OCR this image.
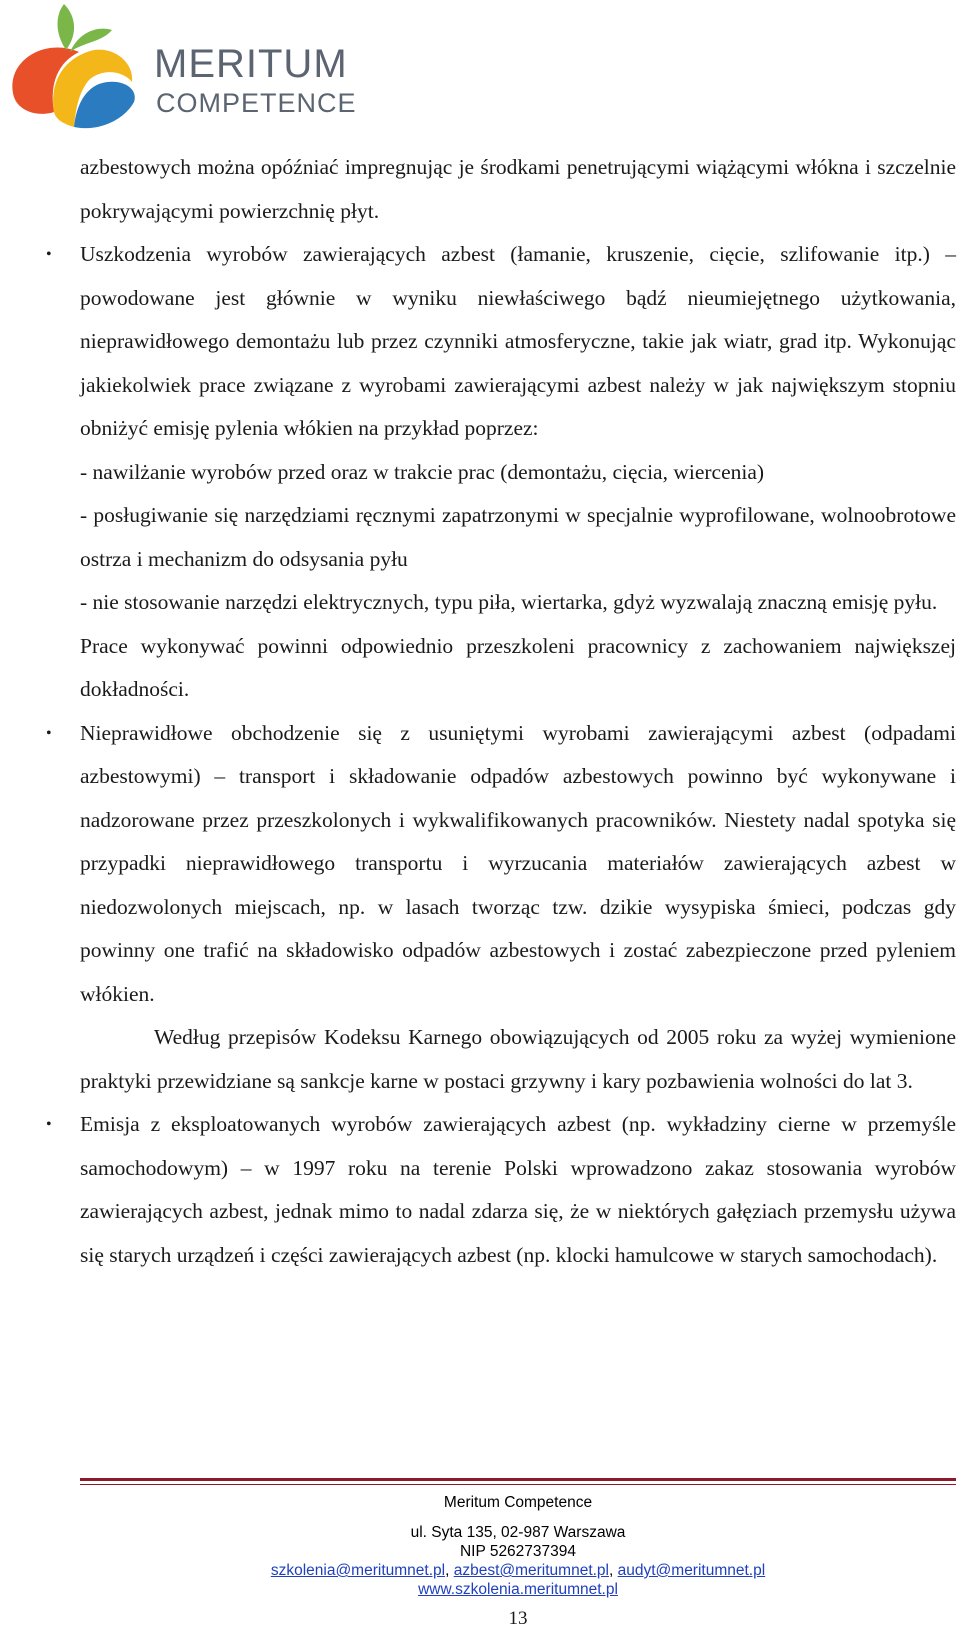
MERITUM
COMPETENCE

azbestowych można opóźniać impregnując je środkami penetrującymi wiążącymi włókna i szczelnie pokrywającymi powierzchnię płyt.

• Uszkodzenia wyrobów zawierających azbest (łamanie, kruszenie, cięcie, szlifowanie itp.) – powodowane jest głównie w wyniku niewłaściwego bądź nieumiejętnego użytkowania, nieprawidłowego demontażu lub przez czynniki atmosferyczne, takie jak wiatr, grad itp. Wykonując jakiekolwiek prace związane z wyrobami zawierającymi azbest należy w jak największym stopniu obniżyć emisję pylenia włókien na przykład poprzez:

- nawilżanie wyrobów przed oraz w trakcie prac (demontażu, cięcia, wiercenia)

- posługiwanie się narzędziami ręcznymi zapatrzonymi w specjalnie wyprofilowane, wolnoobrotowe ostrza i mechanizm do odsysania pyłu

- nie stosowanie narzędzi elektrycznych, typu piła, wiertarka, gdyż wyzwalają znaczną emisję pyłu.

Prace wykonywać powinni odpowiednio przeszkoleni pracownicy z zachowaniem największej dokładności.

• Nieprawidłowe obchodzenie się z usuniętymi wyrobami zawierającymi azbest (odpadami azbestowymi) – transport i składowanie odpadów azbestowych powinno być wykonywane i nadzorowane przez przeszkolonych i wykwalifikowanych pracowników. Niestety nadal spotyka się przypadki nieprawidłowego transportu i wyrzucania materiałów zawierających azbest w niedozwolonych miejscach, np. w lasach tworząc tzw. dzikie wysypiska śmieci, podczas gdy powinny one trafić na składowisko odpadów azbestowych i zostać zabezpieczone przed pyleniem włókien.

Według przepisów Kodeksu Karnego obowiązujących od 2005 roku za wyżej wymienione praktyki przewidziane są sankcje karne w postaci grzywny i kary pozbawienia wolności do lat 3.

• Emisja z eksploatowanych wyrobów zawierających azbest (np. wykładziny cierne w przemyśle samochodowym) – w 1997 roku na terenie Polski wprowadzono zakaz stosowania wyrobów zawierających azbest, jednak mimo to nadal zdarza się, że w niektórych gałęziach przemysłu używa się starych urządzeń i części zawierających azbest (np. klocki hamulcowe w starych samochodach).

Meritum Competence
ul. Syta 135, 02-987 Warszawa
NIP 5262737394
szkolenia@meritumnet.pl, azbest@meritumnet.pl, audyt@meritumnet.pl
www.szkolenia.meritumnet.pl
13
